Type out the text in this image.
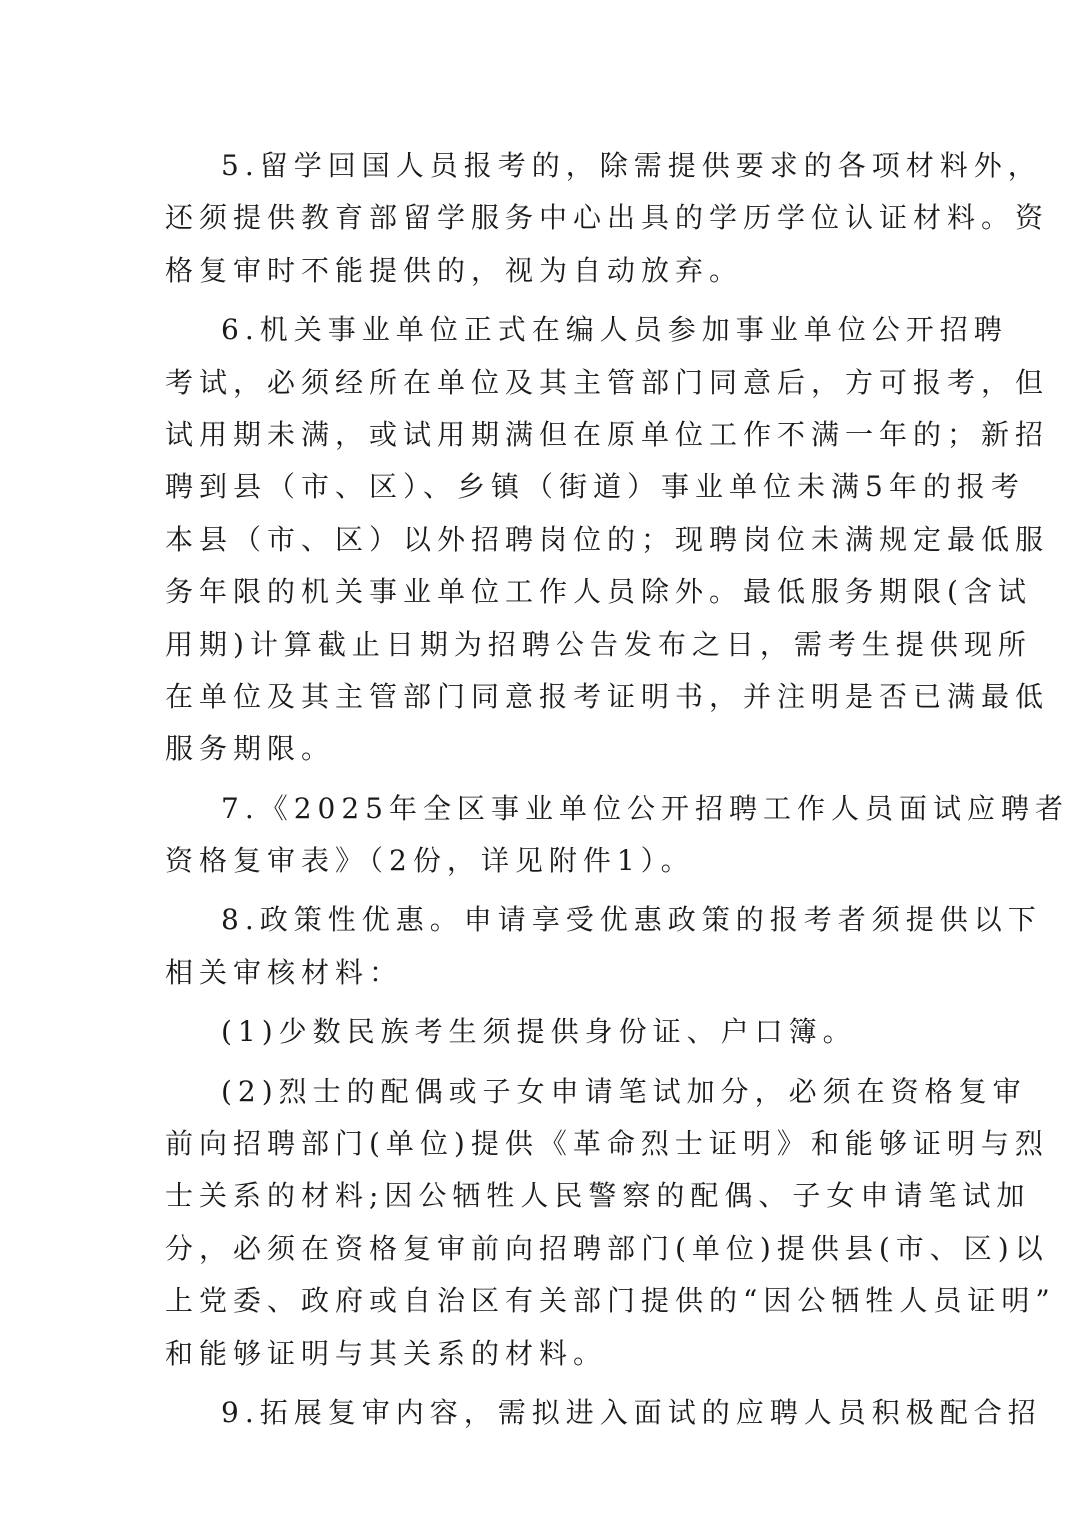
5.留学回国人员报考的，除需提供要求的各项材料外，
还须提供教育部留学服务中心出具的学历学位认证材料。资
格复审时不能提供的，视为自动放弃。
6.机关事业单位正式在编人员参加事业单位公开招聘
考试，必须经所在单位及其主管部门同意后，方可报考，但
试用期未满，或试用期满但在原单位工作不满一年的；新招
聘到县（市、区）、乡镇（街道）事业单位未满5年的报考
本县（市、区）以外招聘岗位的；现聘岗位未满规定最低服
务年限的机关事业单位工作人员除外。最低服务期限(含试
用期)计算截止日期为招聘公告发布之日，需考生提供现所
在单位及其主管部门同意报考证明书，并注明是否已满最低
服务期限。
7.《2025年全区事业单位公开招聘工作人员面试应聘者
资格复审表》（2份，详见附件1）。
8.政策性优惠。申请享受优惠政策的报考者须提供以下
相关审核材料：
(1)少数民族考生须提供身份证、户口簿。
(2)烈士的配偶或子女申请笔试加分，必须在资格复审
前向招聘部门(单位)提供《革命烈士证明》和能够证明与烈
士关系的材料;因公牺牲人民警察的配偶、子女申请笔试加
分，必须在资格复审前向招聘部门(单位)提供县(市、区)以
上党委、政府或自治区有关部门提供的“因公牺牲人员证明”
和能够证明与其关系的材料。
9.拓展复审内容，需拟进入面试的应聘人员积极配合招
